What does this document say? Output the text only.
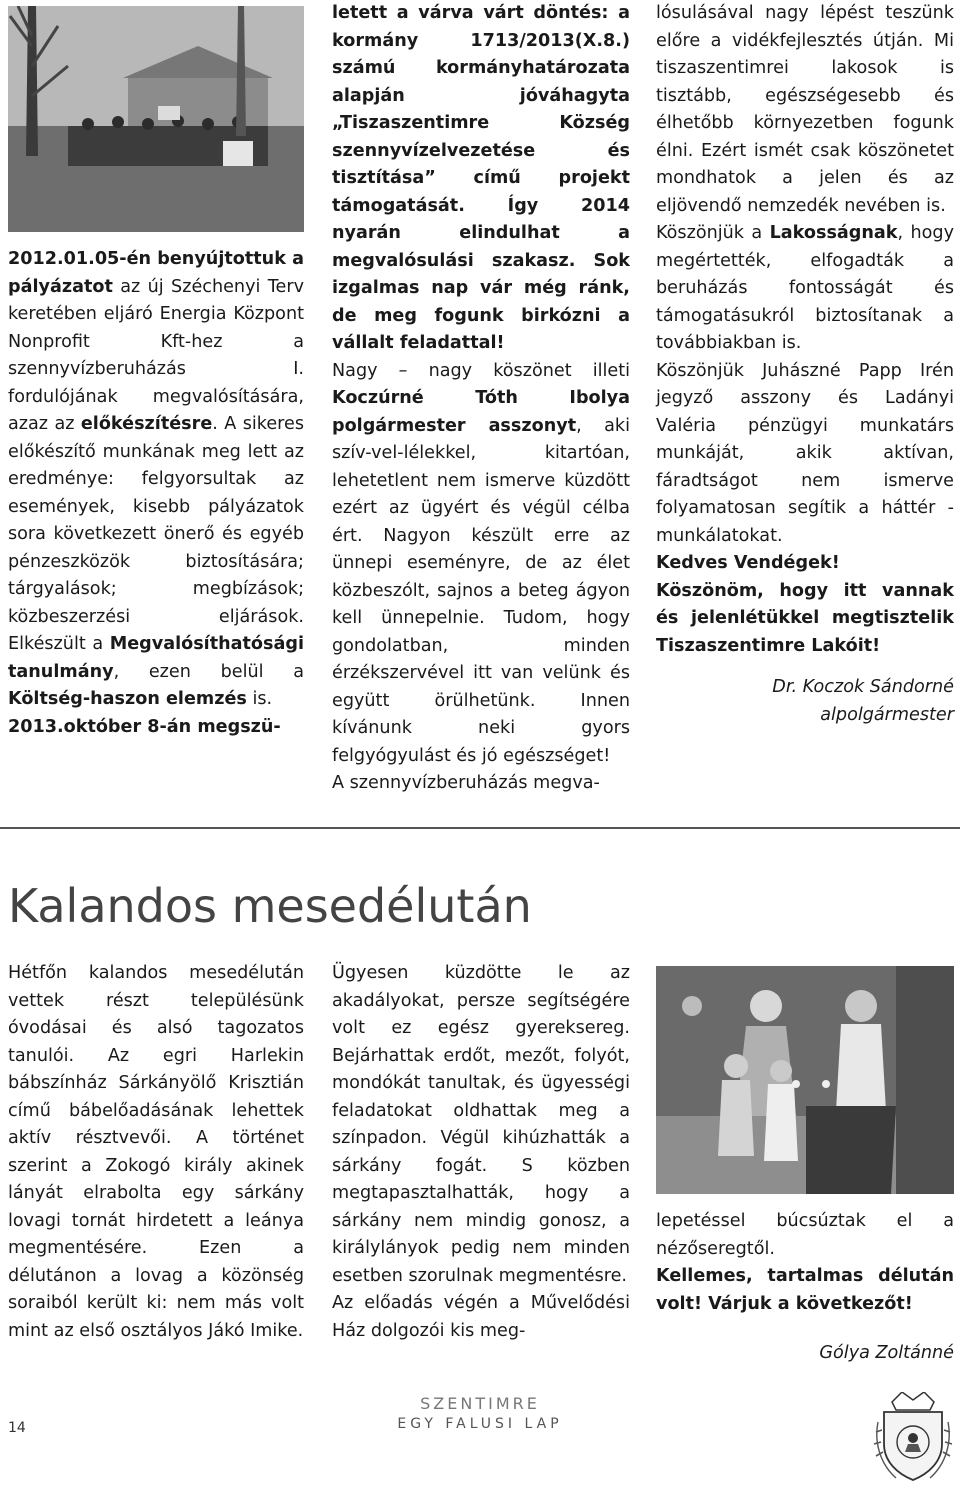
2012.01.05-én benyújtottuk a pályázatot az új Széchenyi Terv keretében eljáró Energia Központ Nonprofit Kft-hez a szennyvízberuházás I. fordulójának megvalósítására, azaz az előkészítésre. A sikeres előkészítő munkának meg lett az eredménye: felgyorsultak az események, kisebb pályázatok sora következett önerő és egyéb pénzeszközök biztosítására; tárgyalások; megbízások; közbeszerzési eljárások. Elkészült a Megvalósíthatósági tanulmány, ezen belül a Költség-haszon elemzés is.

2013.október 8-án megszü-

letett a várva várt döntés: a kormány 1713/2013(X.8.) számú kormányhatározata alapján jóváhagyta „Tiszaszentimre Község szennyvízelvezetése és tisztítása” című projekt támogatását. Így 2014 nyarán elindulhat a megvalósulási szakasz. Sok izgalmas nap vár még ránk, de meg fogunk birkózni a vállalt feladattal!

Nagy – nagy köszönet illeti Koczúrné Tóth Ibolya polgármester asszonyt, aki szív-vel-lélekkel, kitartóan, lehetetlent nem ismerve küzdött ezért az ügyért és végül célba ért. Nagyon készült erre az ünnepi eseményre, de az élet közbeszólt, sajnos a beteg ágyon kell ünnepelnie. Tudom, hogy gondolatban, minden érzékszervével itt van velünk és együtt örülhetünk. Innen kívánunk neki gyors felgyógyulást és jó egészséget!

A szennyvízberuházás megva-

lósulásával nagy lépést teszünk előre a vidékfejlesztés útján. Mi tiszaszentimrei lakosok is tisztább, egészségesebb és élhetőbb környezetben fogunk élni. Ezért ismét csak köszönetet mondhatok a jelen és az eljövendő nemzedék nevében is.

Köszönjük a Lakosságnak, hogy megértették, elfogadták a beruházás fontosságát és támogatásukról biztosítanak a továbbiakban is.

Köszönjük Juhászné Papp Irén jegyző asszony és Ladányi Valéria pénzügyi munkatárs munkáját, akik aktívan, fáradtságot nem ismerve folyamatosan segítik a háttér - munkálatokat.

Kedves Vendégek!

Köszönöm, hogy itt vannak és jelenlétükkel megtisztelik Tiszaszentimre Lakóit!

Dr. Koczok Sándorné

alpolgármester

Kalandos mesedélután

Hétfőn kalandos mesedélután vettek részt településünk óvodásai és alsó tagozatos tanulói. Az egri Harlekin bábszínház Sárkányölő Krisztián című bábelőadásának lehettek aktív résztvevői. A történet szerint a Zokogó király akinek lányát elrabolta egy sárkány lovagi tornát hirdetett a leánya megmentésére. Ezen a délutánon a lovag a közönség soraiból került ki: nem más volt mint az első osztályos Jákó Imike.

Ügyesen küzdötte le az akadályokat, persze segítségére volt ez egész gyereksereg. Bejárhattak erdőt, mezőt, folyót, mondókát tanultak, és ügyességi feladatokat oldhattak meg a színpadon. Végül kihúzhatták a sárkány fogát. S közben megtapasztalhatták, hogy a sárkány nem mindig gonosz, a királylányok pedig nem minden esetben szorulnak megmentésre.

Az előadás végén a Művelődési Ház dolgozói kis meg-

lepetéssel búcsúztak el a nézőseregtől.

Kellemes, tartalmas délután volt! Várjuk a következőt!

Gólya Zoltánné

14
SZENTIMRE
EGY FALUSI LAP
